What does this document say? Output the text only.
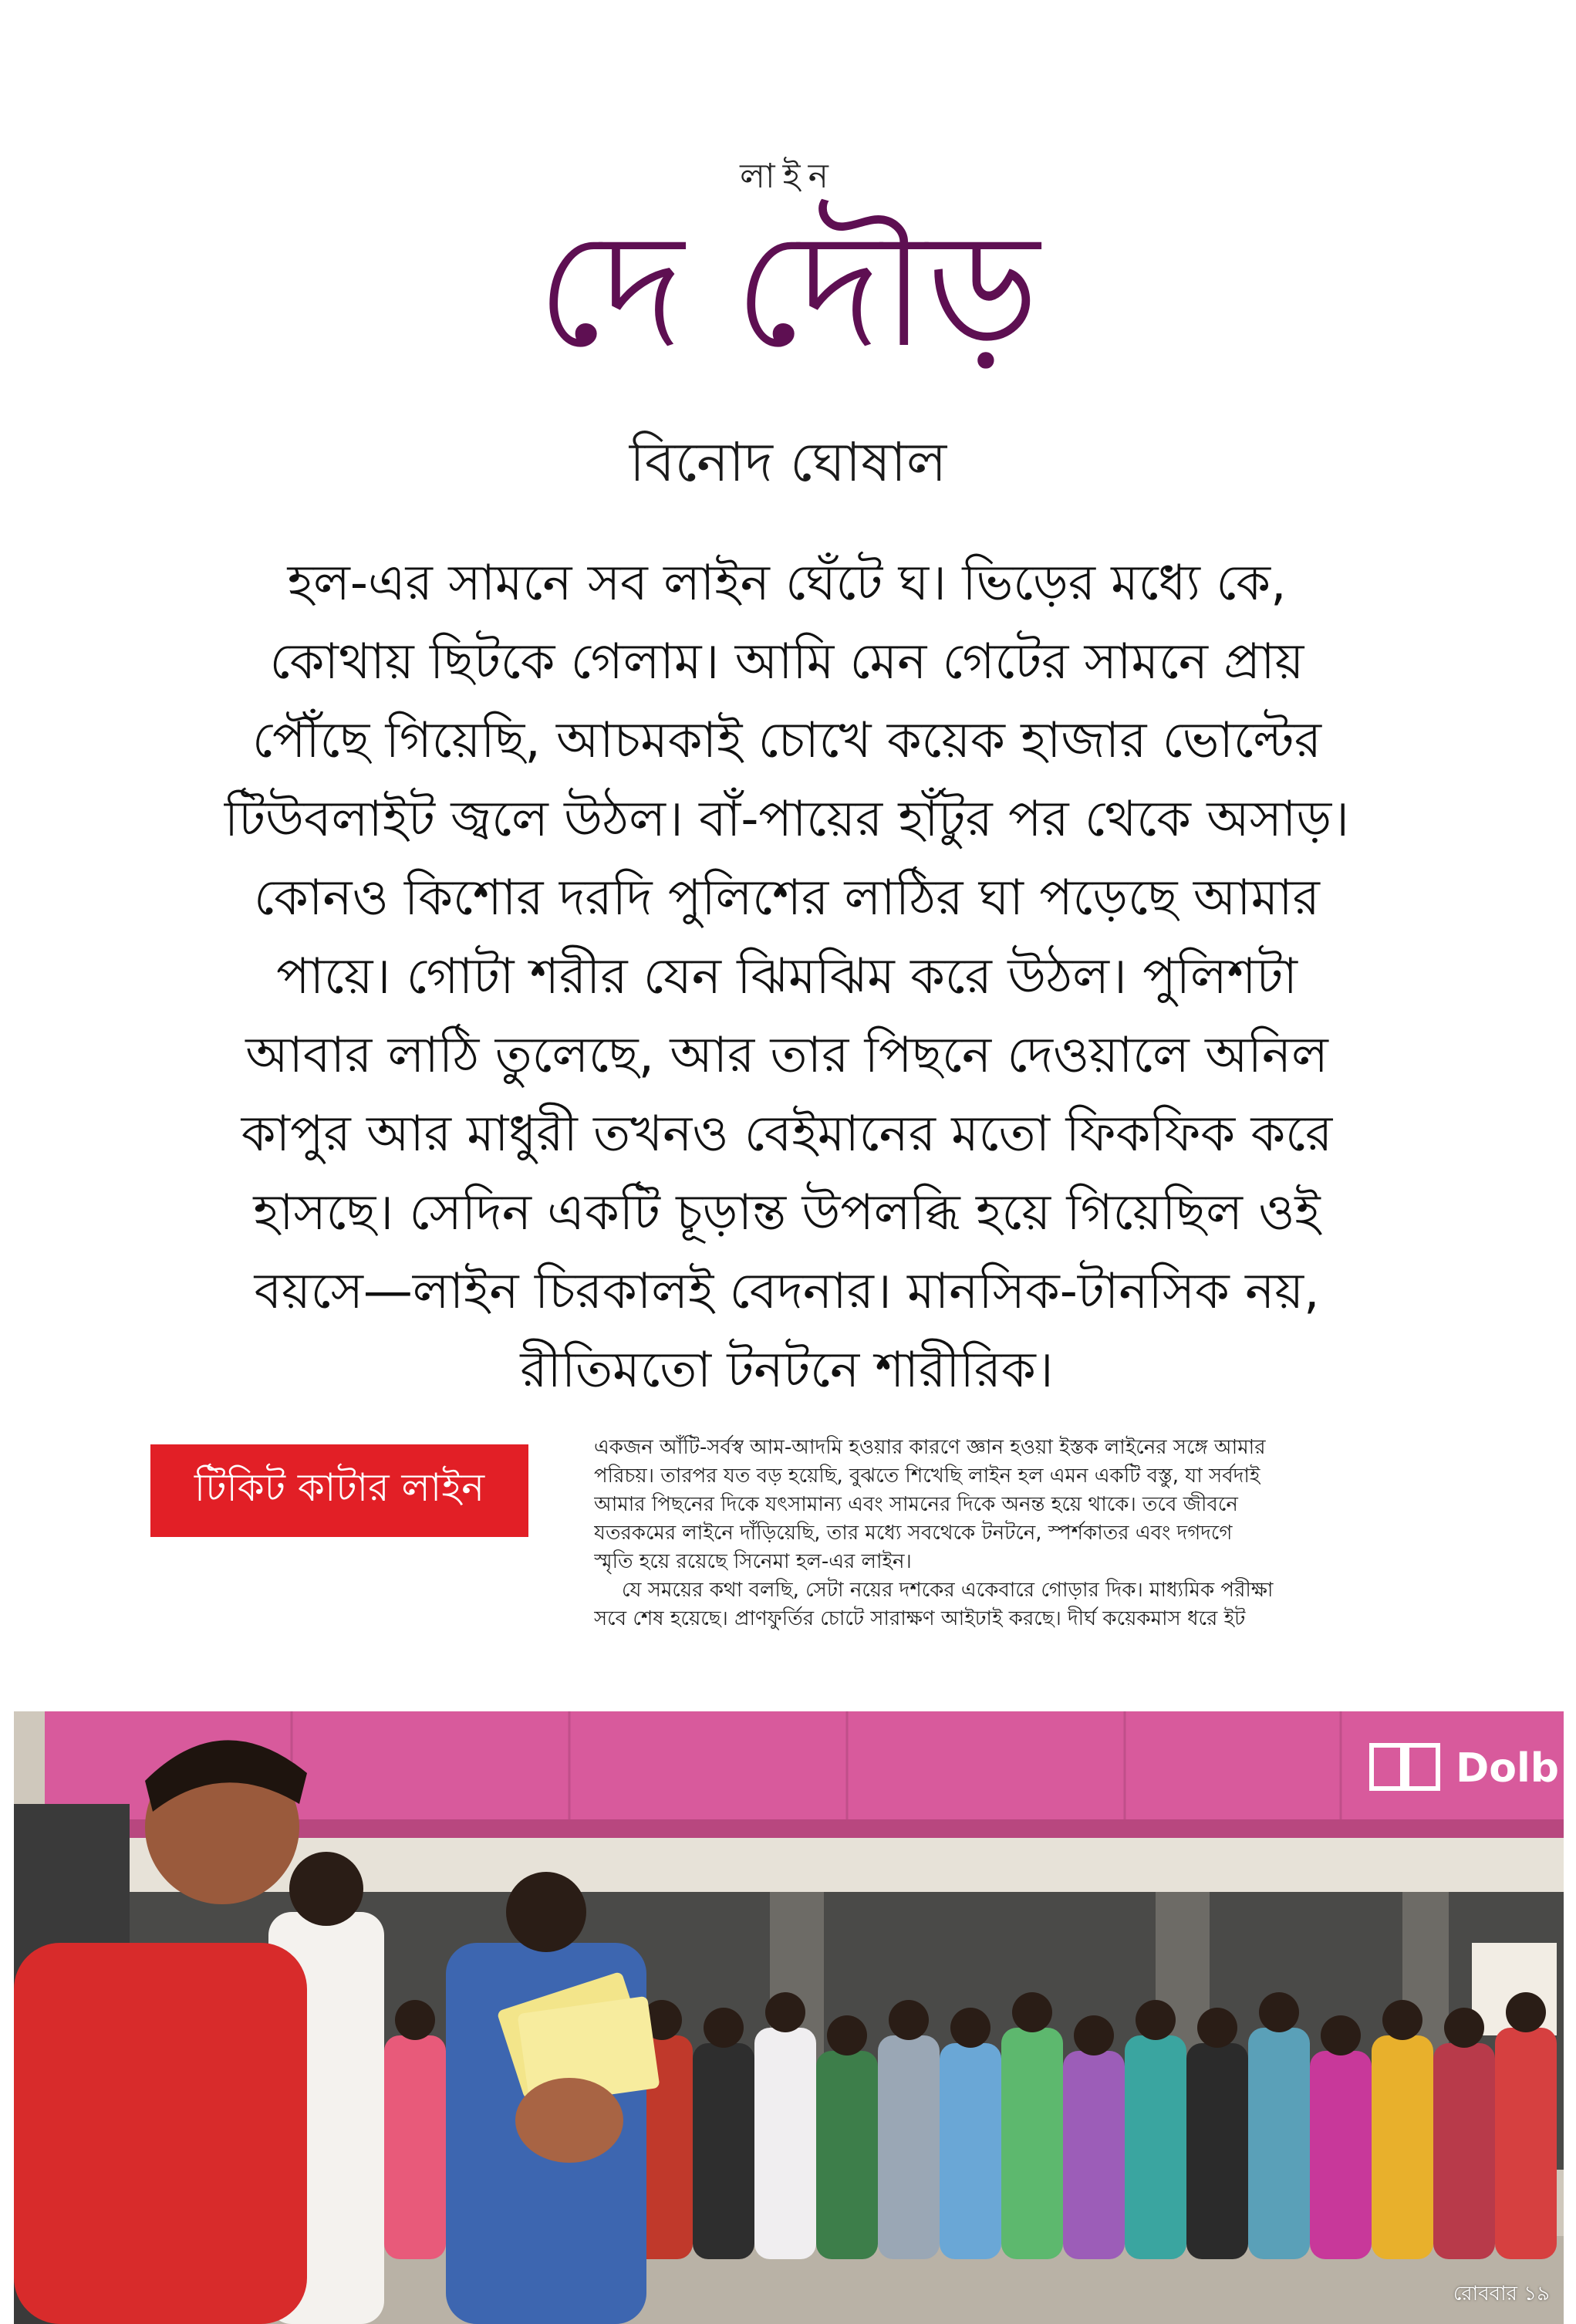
লাইন
দে দৌড়
বিনোদ ঘোষাল
হল-এর সামনে সব লাইন ঘেঁটে ঘ। ভিড়ের মধ্যে কে,
কোথায় ছিটকে গেলাম। আমি মেন গেটের সামনে প্রায়
পৌঁছে গিয়েছি, আচমকাই চোখে কয়েক হাজার ভোল্টের
টিউবলাইট জ্বলে উঠল। বাঁ-পায়ের হাঁটুর পর থেকে অসাড়।
কোনও কিশোর দরদি পুলিশের লাঠির ঘা পড়েছে আমার
পায়ে। গোটা শরীর যেন ঝিমঝিম করে উঠল। পুলিশটা
আবার লাঠি তুলেছে, আর তার পিছনে দেওয়ালে অনিল
কাপুর আর মাধুরী তখনও বেইমানের মতো ফিকফিক করে
হাসছে। সেদিন একটি চূড়ান্ত উপলব্ধি হয়ে গিয়েছিল ওই
বয়সে—লাইন চিরকালই বেদনার। মানসিক-টানসিক নয়,
রীতিমতো টনটনে শারীরিক।
টিকিট কাটার লাইন
একজন আঁটি-সর্বস্ব আম-আদমি হওয়ার কারণে জ্ঞান হওয়া ইস্তক লাইনের সঙ্গে আমার
পরিচয়। তারপর যত বড় হয়েছি, বুঝতে শিখেছি লাইন হল এমন একটি বস্তু, যা সর্বদাই
আমার পিছনের দিকে যৎসামান্য এবং সামনের দিকে অনন্ত হয়ে থাকে। তবে জীবনে
যতরকমের লাইনে দাঁড়িয়েছি, তার মধ্যে সবথেকে টনটনে, স্পর্শকাতর এবং দগদগে
স্মৃতি হয়ে রয়েছে সিনেমা হল-এর লাইন।
যে সময়ের কথা বলছি, সেটা নয়ের দশকের একেবারে গোড়ার দিক। মাধ্যমিক পরীক্ষা
সবে শেষ হয়েছে। প্রাণফুর্তির চোটে সারাক্ষণ আইঢাই করছে। দীর্ঘ কয়েকমাস ধরে ইট
Dolb
রোববার ১৯
